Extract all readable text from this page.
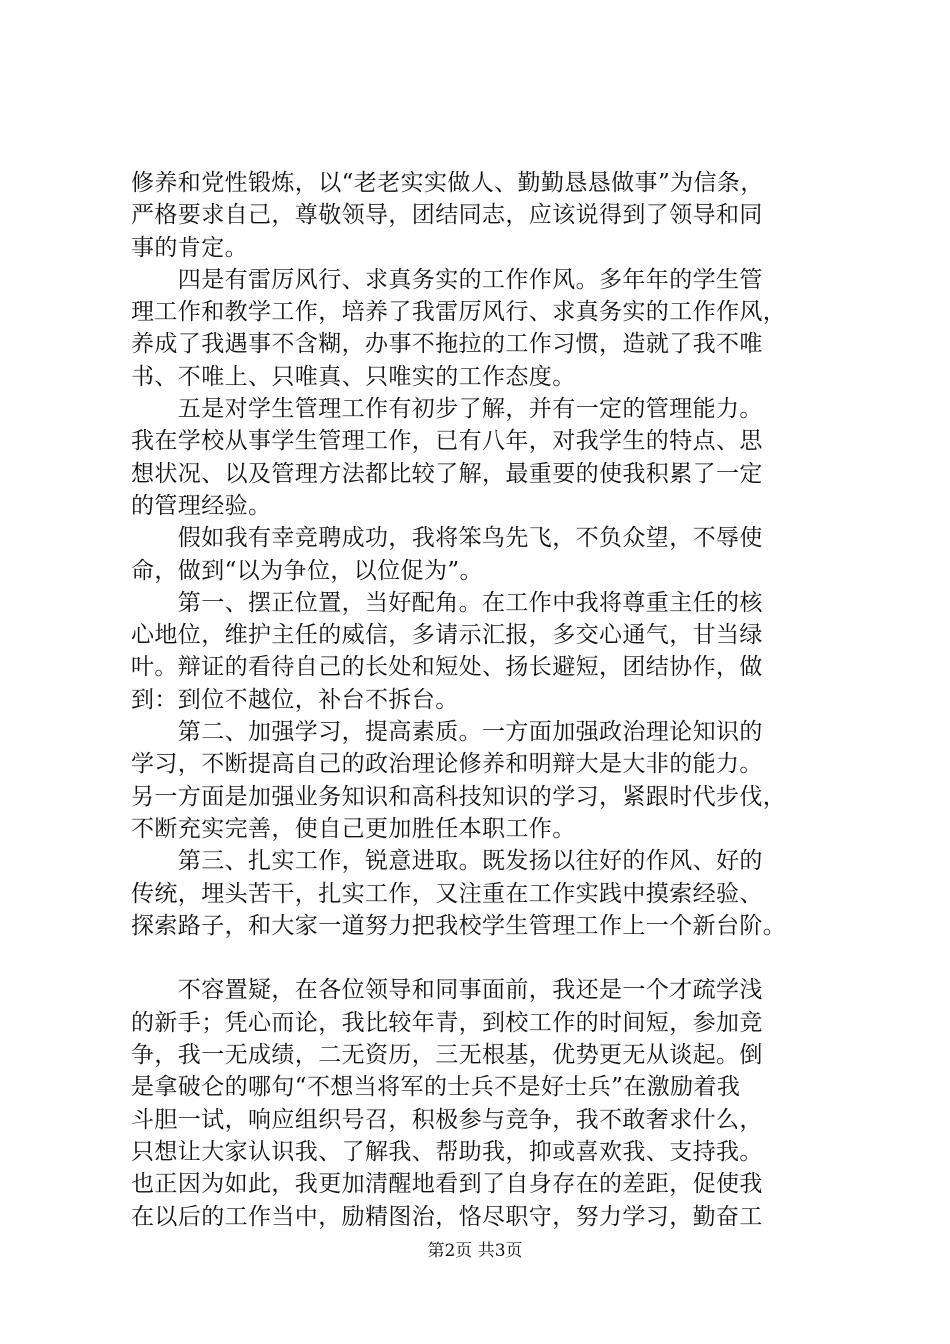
修养和党性锻炼，以“老老实实做人、勤勤恳恳做事”为信条，
严格要求自己，尊敬领导，团结同志，应该说得到了领导和同
事的肯定。
　　四是有雷厉风行、求真务实的工作作风。多年年的学生管
理工作和教学工作，培养了我雷厉风行、求真务实的工作作风，
养成了我遇事不含糊，办事不拖拉的工作习惯，造就了我不唯
书、不唯上、只唯真、只唯实的工作态度。
　　五是对学生管理工作有初步了解，并有一定的管理能力。
我在学校从事学生管理工作，已有八年，对我学生的特点、思
想状况、以及管理方法都比较了解，最重要的使我积累了一定
的管理经验。
　　假如我有幸竞聘成功，我将笨鸟先飞，不负众望，不辱使
命，做到“以为争位，以位促为”。
　　第一、摆正位置，当好配角。在工作中我将尊重主任的核
心地位，维护主任的威信，多请示汇报，多交心通气，甘当绿
叶。辩证的看待自己的长处和短处、扬长避短，团结协作，做
到：到位不越位，补台不拆台。
　　第二、加强学习，提高素质。一方面加强政治理论知识的
学习，不断提高自己的政治理论修养和明辩大是大非的能力。
另一方面是加强业务知识和高科技知识的学习，紧跟时代步伐，
不断充实完善，使自己更加胜任本职工作。
　　第三、扎实工作，锐意进取。既发扬以往好的作风、好的
传统，埋头苦干，扎实工作，又注重在工作实践中摸索经验、
探索路子，和大家一道努力把我校学生管理工作上一个新台阶。
　　不容置疑，在各位领导和同事面前，我还是一个才疏学浅
的新手；凭心而论，我比较年青，到校工作的时间短，参加竞
争，我一无成绩，二无资历，三无根基，优势更无从谈起。倒
是拿破仑的哪句“不想当将军的士兵不是好士兵”在激励着我
斗胆一试，响应组织号召，积极参与竞争，我不敢奢求什么，
只想让大家认识我、了解我、帮助我，抑或喜欢我、支持我。
也正因为如此，我更加清醒地看到了自身存在的差距，促使我
在以后的工作当中，励精图治，恪尽职守，努力学习，勤奋工
第2页 共3页
